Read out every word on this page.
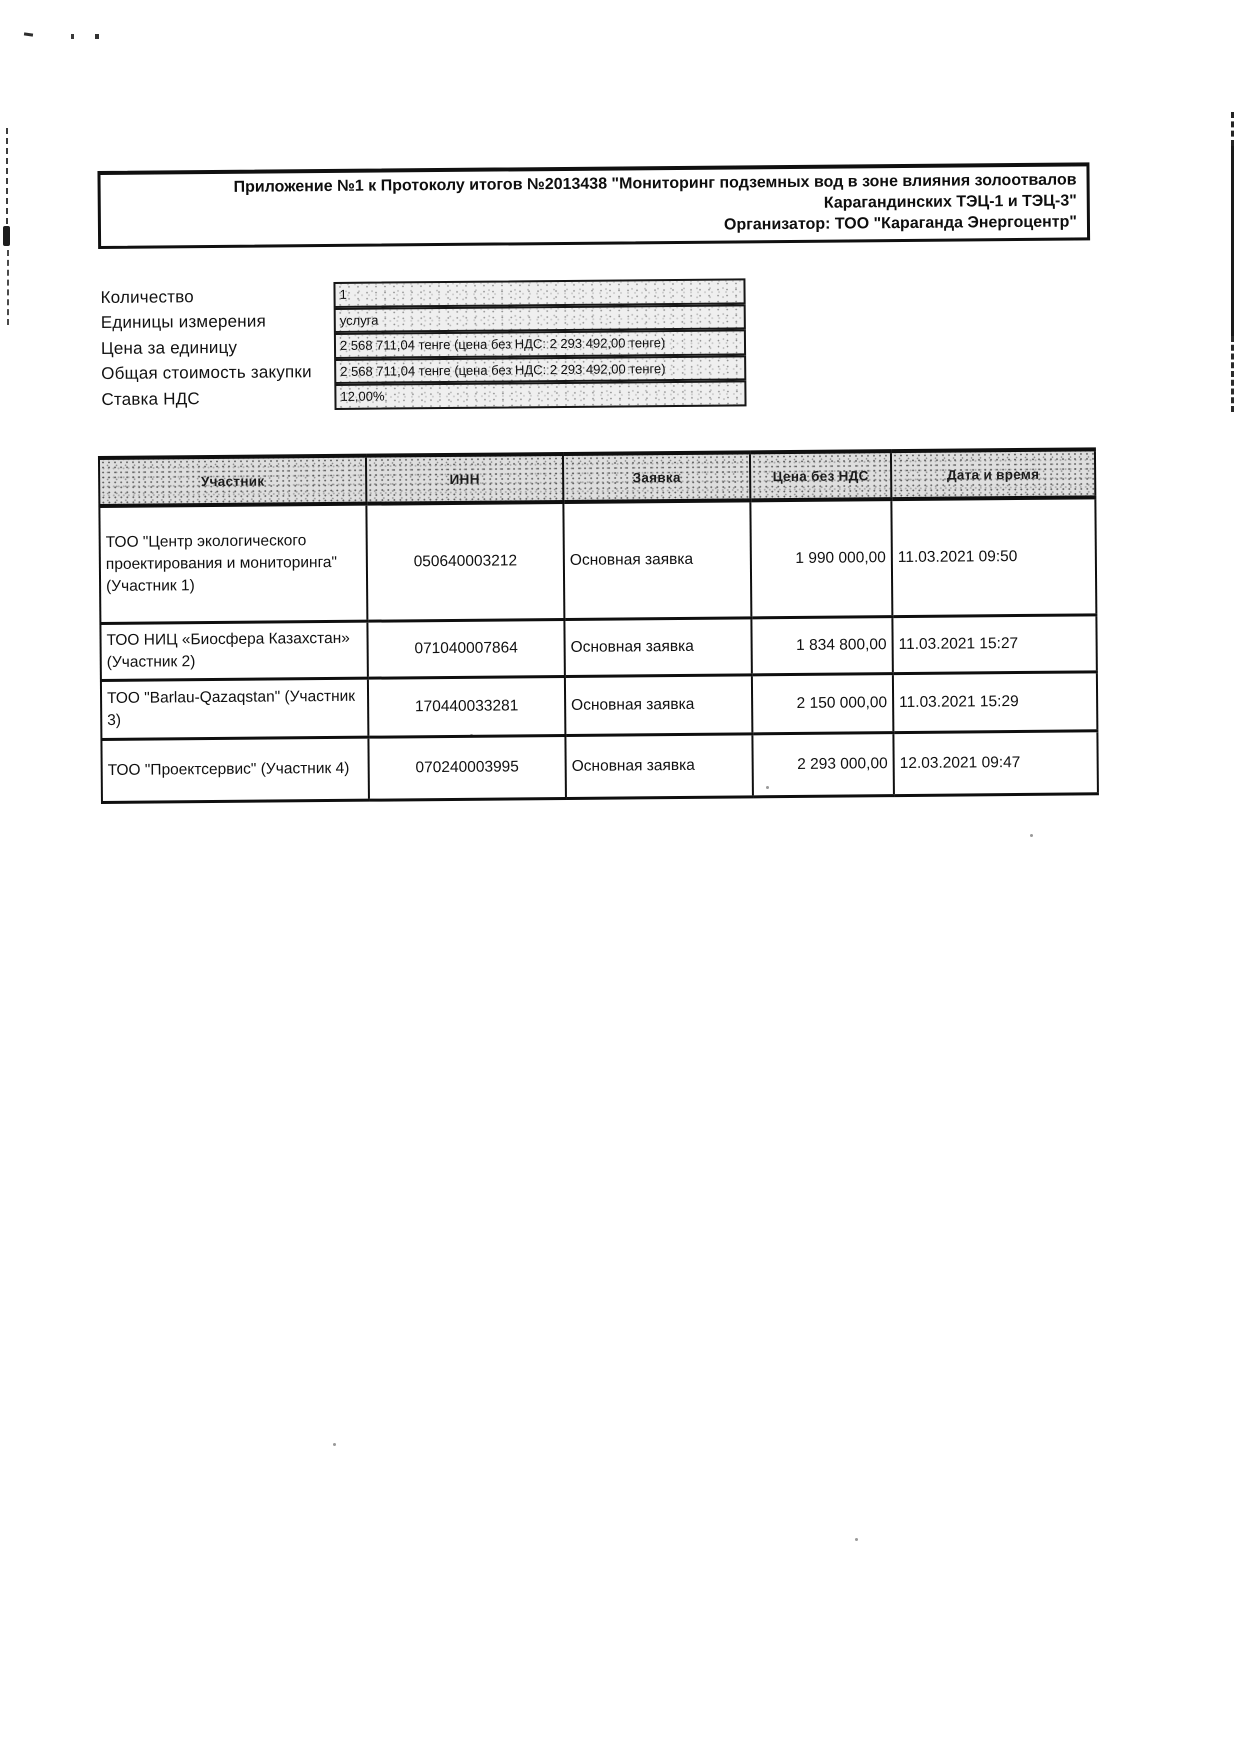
Приложение №1 к Протоколу итогов №2013438 "Мониторинг подземных вод в зоне влияния золоотвалов
Карагандинских ТЭЦ-1 и ТЭЦ-3"
Организатор: ТОО "Караганда Энергоцентр"
Количество	1
Единицы измерения	услуга
Цена за единицу	2 568 711,04 тенге (цена без НДС: 2 293 492,00 тенге)
Общая стоимость закупки	2 568 711,04 тенге (цена без НДС: 2 293 492,00 тенге)
Ставка НДС	12,00%
Участник	ИНН	Заявка	Цена без НДС	Дата и время
ТОО "Центр экологического проектирования и мониторинга" (Участник 1)	050640003212	Основная заявка	1 990 000,00	11.03.2021 09:50
ТОО НИЦ «Биосфера Казахстан» (Участник 2)	071040007864	Основная заявка	1 834 800,00	11.03.2021 15:27
ТОО "Barlau-Qazaqstan" (Участник 3)	170440033281	Основная заявка	2 150 000,00	11.03.2021 15:29
ТОО "Проектсервис" (Участник 4)	070240003995	Основная заявка	2 293 000,00	12.03.2021 09:47
